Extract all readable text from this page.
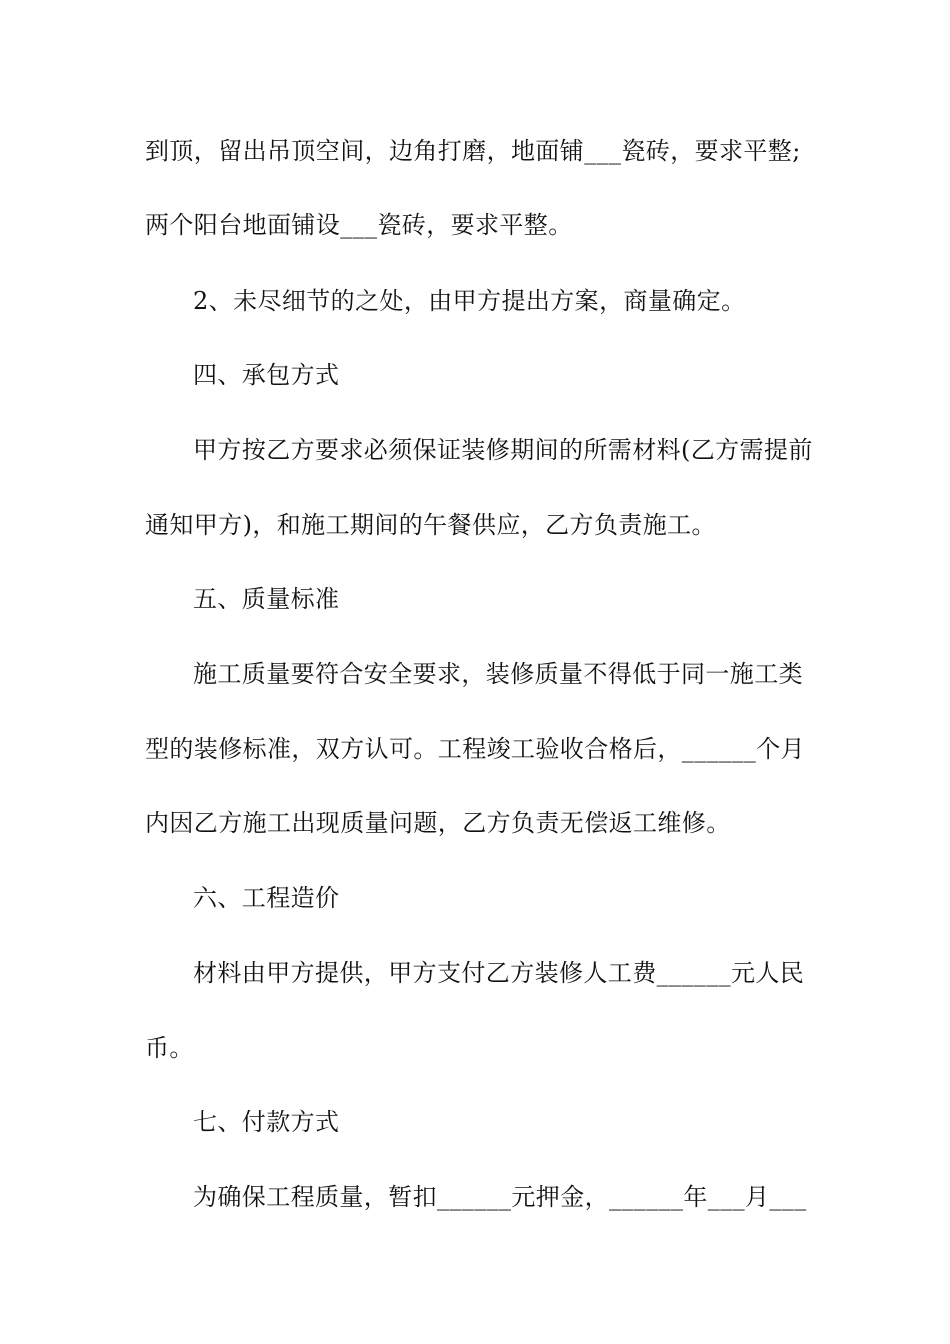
到顶，留出吊顶空间，边角打磨，地面铺___瓷砖，要求平整;
两个阳台地面铺设___瓷砖，要求平整。
2、未尽细节的之处，由甲方提出方案，商量确定。
四、承包方式
甲方按乙方要求必须保证装修期间的所需材料(乙方需提前
通知甲方)，和施工期间的午餐供应，乙方负责施工。
五、质量标准
施工质量要符合安全要求，装修质量不得低于同一施工类
型的装修标准，双方认可。工程竣工验收合格后，______个月
内因乙方施工出现质量问题，乙方负责无偿返工维修。
六、工程造价
材料由甲方提供，甲方支付乙方装修人工费______元人民
币。
七、付款方式
为确保工程质量，暂扣______元押金，______年___月___
